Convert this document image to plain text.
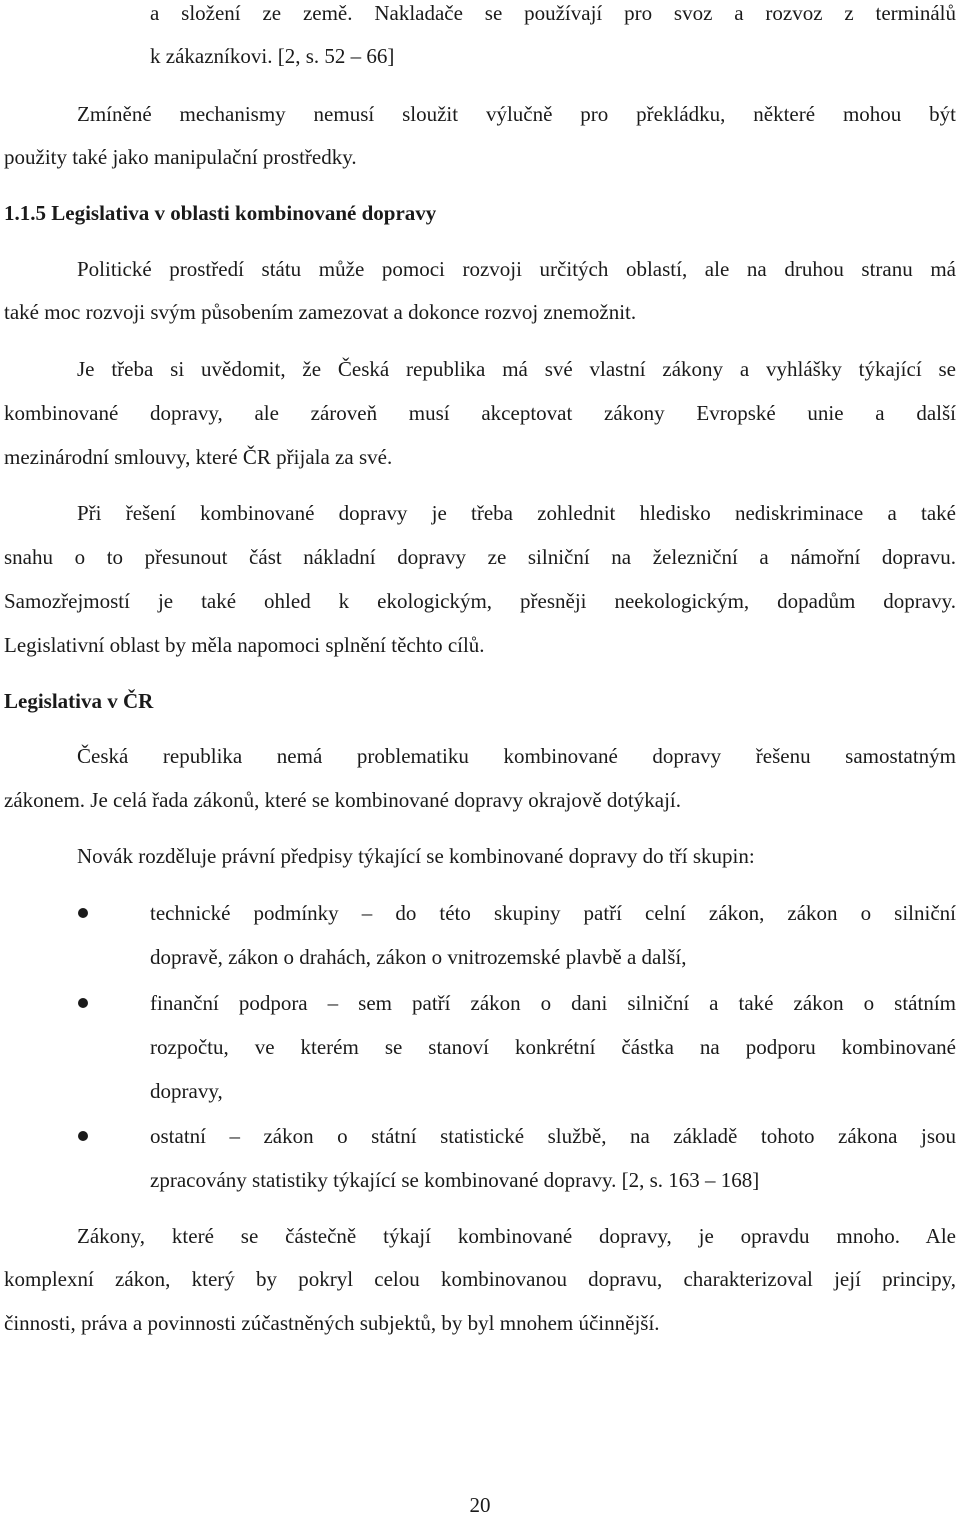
a složení ze země. Nakladače se používají pro svoz a rozvoz z terminálů
k zákazníkovi. [2, s. 52 – 66]
Zmíněné mechanismy nemusí sloužit výlučně pro překládku, některé mohou být
použity také jako manipulační prostředky.
1.1.5 Legislativa v oblasti kombinované dopravy
Politické prostředí státu může pomoci rozvoji určitých oblastí, ale na druhou stranu má
také moc rozvoji svým působením zamezovat a dokonce rozvoj znemožnit.
Je třeba si uvědomit, že Česká republika má své vlastní zákony a vyhlášky týkající se
kombinované dopravy, ale zároveň musí akceptovat zákony Evropské unie a další
mezinárodní smlouvy, které ČR přijala za své.
Při řešení kombinované dopravy je třeba zohlednit hledisko nediskriminace a také
snahu o to přesunout část nákladní dopravy ze silniční na železniční a námořní dopravu.
Samozřejmostí je také ohled k ekologickým, přesněji neekologickým, dopadům dopravy.
Legislativní oblast by měla napomoci splnění těchto cílů.
Legislativa v ČR
Česká republika nemá problematiku kombinované dopravy řešenu samostatným
zákonem. Je celá řada zákonů, které se kombinované dopravy okrajově dotýkají.
Novák rozděluje právní předpisy týkající se kombinované dopravy do tří skupin:
technické podmínky – do této skupiny patří celní zákon, zákon o silniční
dopravě, zákon o drahách, zákon o vnitrozemské plavbě a další,
finanční podpora – sem patří zákon o dani silniční a také zákon o státním
rozpočtu, ve kterém se stanoví konkrétní částka na podporu kombinované
dopravy,
ostatní – zákon o státní statistické službě, na základě tohoto zákona jsou
zpracovány statistiky týkající se kombinované dopravy. [2, s. 163 – 168]
Zákony, které se částečně týkají kombinované dopravy, je opravdu mnoho. Ale
komplexní zákon, který by pokryl celou kombinovanou dopravu, charakterizoval její principy,
činnosti, práva a povinnosti zúčastněných subjektů, by byl mnohem účinnější.
20
